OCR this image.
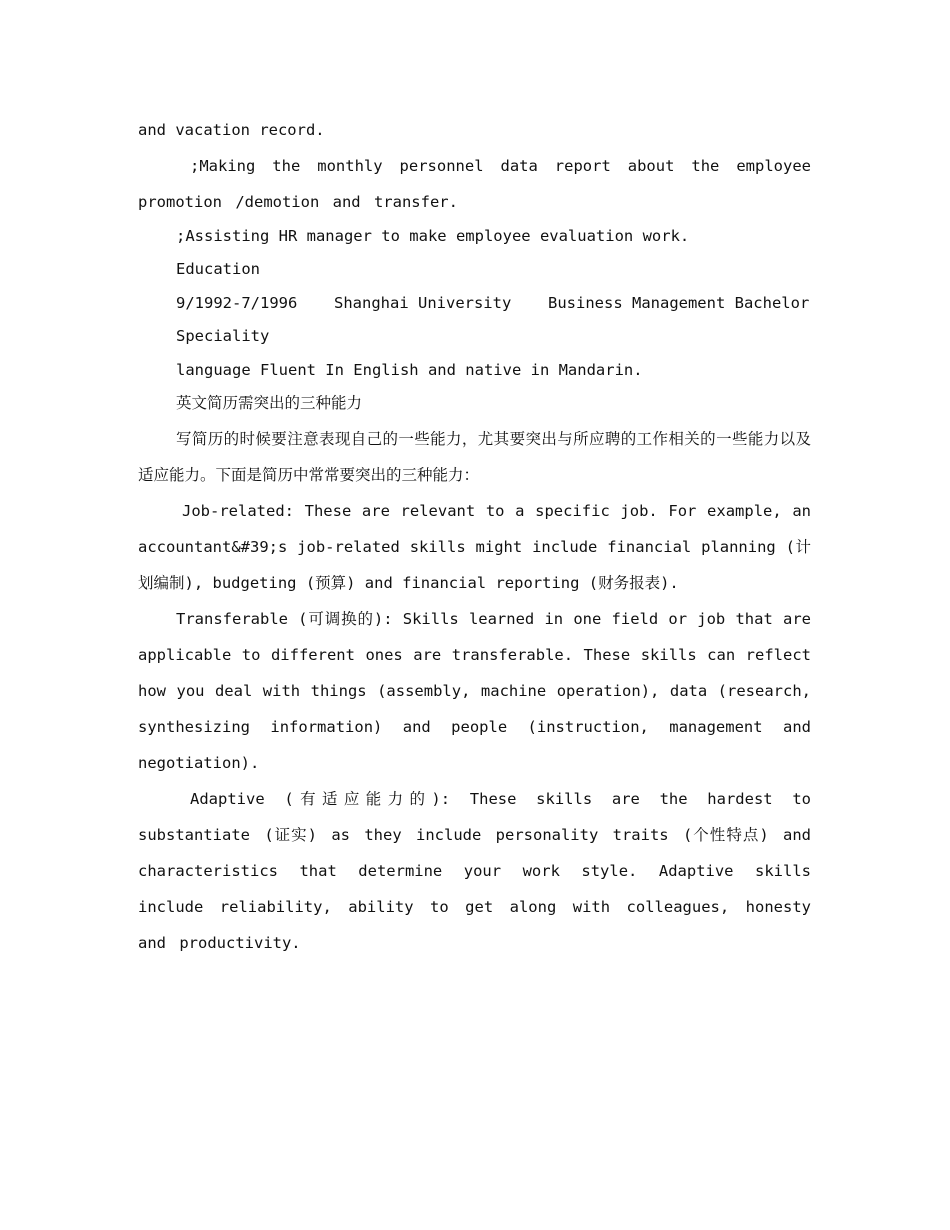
and vacation record.

;Making the monthly personnel data report about the employee promotion /demotion and transfer.

;Assisting HR manager to make employee evaluation work.

Education

9/1992-7/1996	Shanghai University	Business Management Bachelor

Speciality

language Fluent In English and native in Mandarin.

英文简历需突出的三种能力

写简历的时候要注意表现自己的一些能力，尤其要突出与所应聘的工作相关的一些能力以及适应能力。下面是简历中常常要突出的三种能力：

Job-related: These are relevant to a specific job. For example, an accountant&#39;s job-related skills might include financial planning (计划编制), budgeting (预算) and financial reporting (财务报表).

Transferable (可调换的): Skills learned in one field or job that are applicable to different ones are transferable. These skills can reflect how you deal with things (assembly, machine operation), data (research, synthesizing information) and people (instruction, management and negotiation).

Adaptive (有适应能力的): These skills are the hardest to substantiate (证实) as they include personality traits (个性特点) and characteristics that determine your work style. Adaptive skills include reliability, ability to get along with colleagues, honesty and productivity.
